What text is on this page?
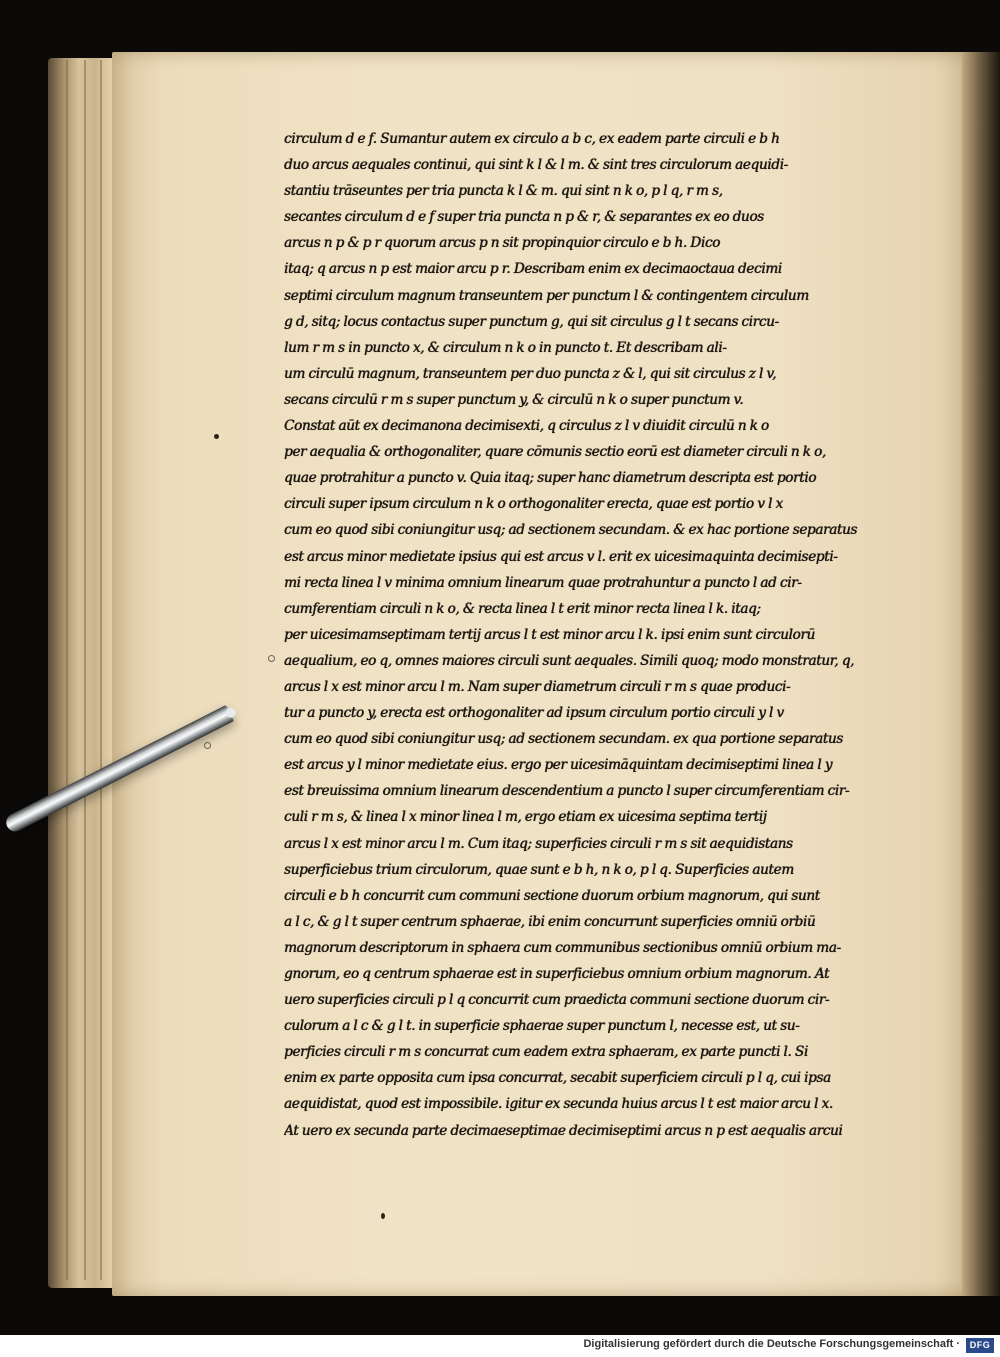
circulum d e f. Sumantur autem ex circulo a b c, ex eadem parte circuli e b h
duo arcus aequales continui, qui sint k l & l m. & sint tres circulorum aequidi-
stantiu trāseuntes per tria puncta k l & m. qui sint n k o, p l q, r m s,
secantes circulum d e f super tria puncta n p & r, & separantes ex eo duos
arcus n p & p r quorum arcus p n sit propinquior circulo e b h. Dico
itaq; q arcus n p est maior arcu p r. Describam enim ex decimaoctaua decimi
septimi circulum magnum transeuntem per punctum l & contingentem circulum
g d, sitq; locus contactus super punctum g, qui sit circulus g l t secans circu-
lum r m s in puncto x, & circulum n k o in puncto t. Et describam ali-
um circulū magnum, transeuntem per duo puncta z & l, qui sit circulus z l v,
secans circulū r m s super punctum y, & circulū n k o super punctum v.
Constat aūt ex decimanona decimisexti, q circulus z l v diuidit circulū n k o
per aequalia & orthogonaliter, quare cōmunis sectio eorū est diameter circuli n k o,
quae protrahitur a puncto v. Quia itaq; super hanc diametrum descripta est portio
circuli super ipsum circulum n k o orthogonaliter erecta, quae est portio v l x
cum eo quod sibi coniungitur usq; ad sectionem secundam. & ex hac portione separatus
est arcus minor medietate ipsius qui est arcus v l. erit ex uicesimaquinta decimisepti-
mi recta linea l v minima omnium linearum quae protrahuntur a puncto l ad cir-
cumferentiam circuli n k o, & recta linea l t erit minor recta linea l k. itaq;
per uicesimamseptimam tertij arcus l t est minor arcu l k. ipsi enim sunt circulorū
aequalium, eo q, omnes maiores circuli sunt aequales. Simili quoq; modo monstratur, q,
arcus l x est minor arcu l m. Nam super diametrum circuli r m s quae produci-
tur a puncto y, erecta est orthogonaliter ad ipsum circulum portio circuli y l v
cum eo quod sibi coniungitur usq; ad sectionem secundam. ex qua portione separatus
est arcus y l minor medietate eius. ergo per uicesimāquintam decimiseptimi linea l y
est breuissima omnium linearum descendentium a puncto l super circumferentiam cir-
culi r m s, & linea l x minor linea l m, ergo etiam ex uicesima septima tertij
arcus l x est minor arcu l m. Cum itaq; superficies circuli r m s sit aequidistans
superficiebus trium circulorum, quae sunt e b h, n k o, p l q. Superficies autem
circuli e b h concurrit cum communi sectione duorum orbium magnorum, qui sunt
a l c, & g l t super centrum sphaerae, ibi enim concurrunt superficies omniū orbiū
magnorum descriptorum in sphaera cum communibus sectionibus omniū orbium ma-
gnorum, eo q centrum sphaerae est in superficiebus omnium orbium magnorum. At
uero superficies circuli p l q concurrit cum praedicta communi sectione duorum cir-
culorum a l c & g l t. in superficie sphaerae super punctum l, necesse est, ut su-
perficies circuli r m s concurrat cum eadem extra sphaeram, ex parte puncti l. Si
enim ex parte opposita cum ipsa concurrat, secabit superficiem circuli p l q, cui ipsa
aequidistat, quod est impossibile. igitur ex secunda huius arcus l t est maior arcu l x.
At uero ex secunda parte decimaeseptimae decimiseptimi arcus n p est aequalis arcui
Digitalisierung gefördert durch die Deutsche Forschungsgemeinschaft ·	DFG
